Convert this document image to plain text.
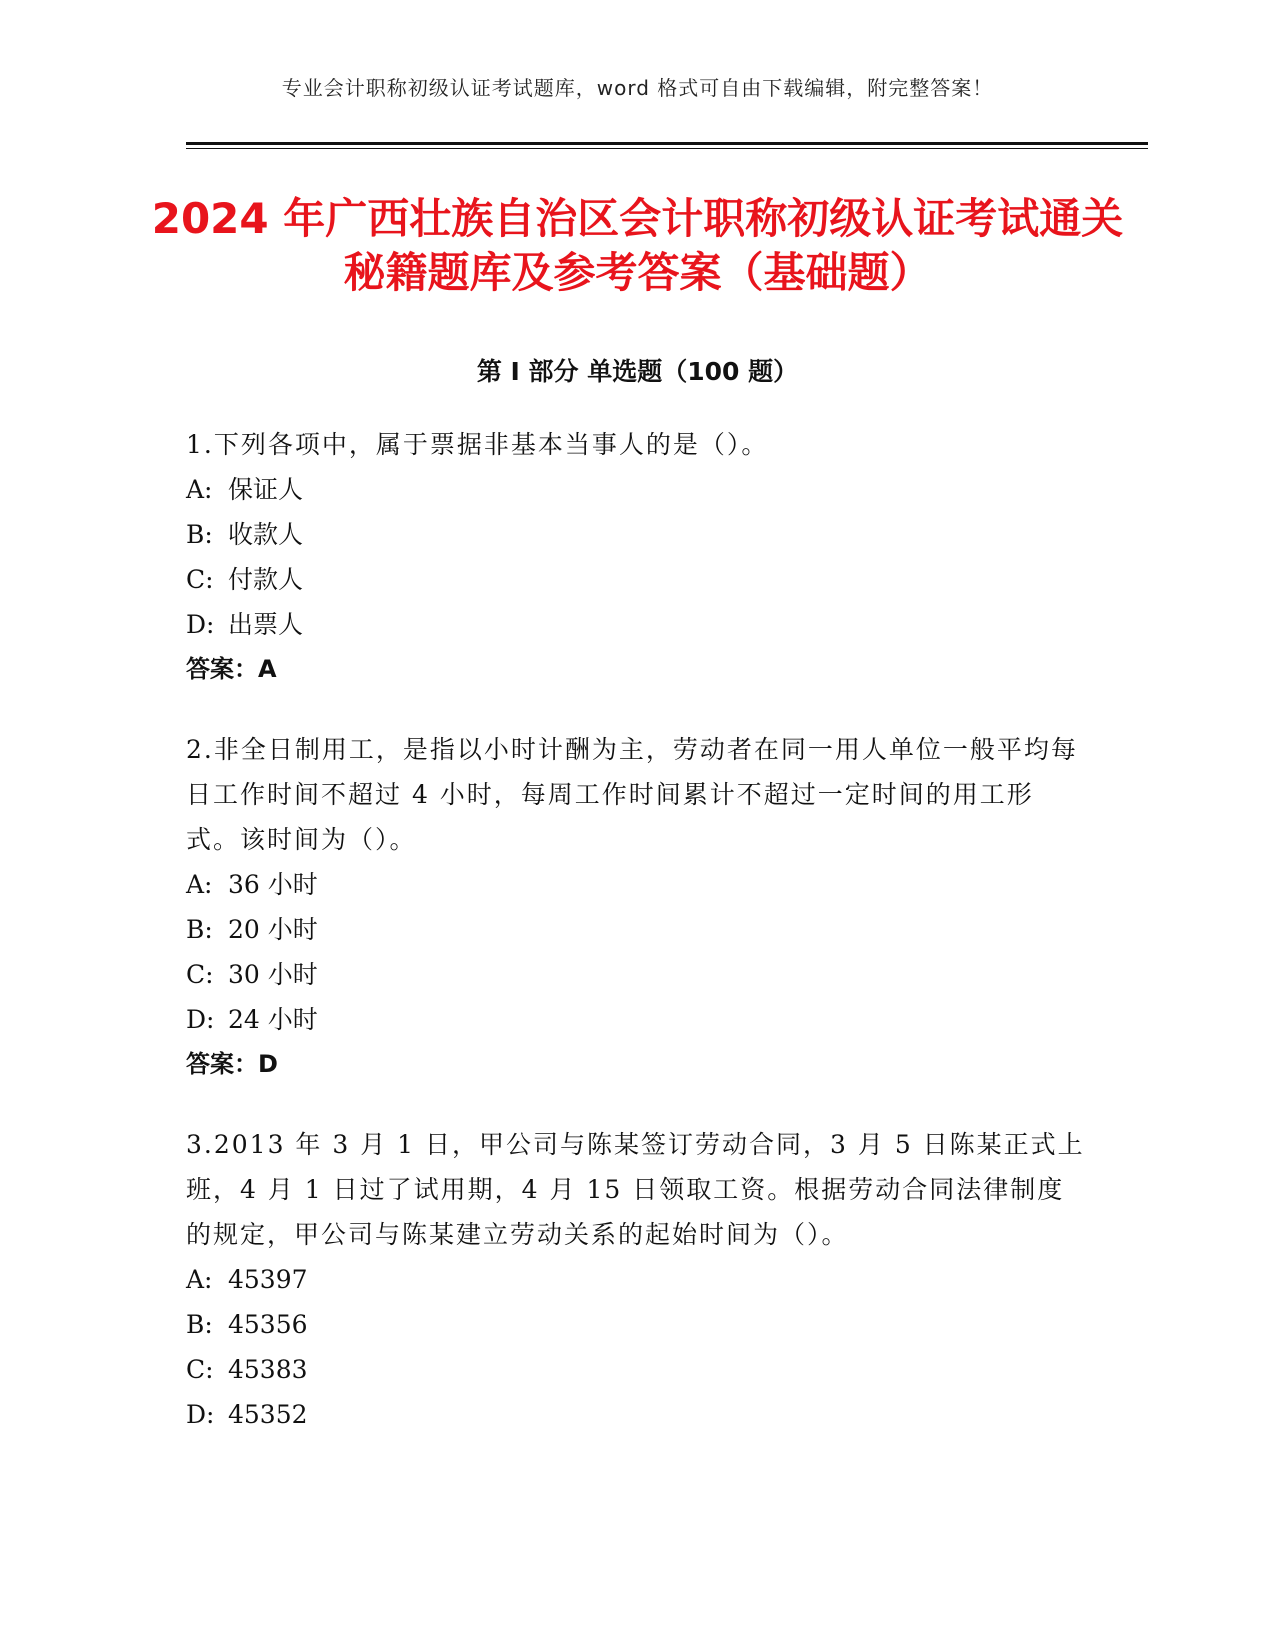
专业会计职称初级认证考试题库，word 格式可自由下载编辑，附完整答案！
2024 年广西壮族自治区会计职称初级认证考试通关秘籍题库及参考答案（基础题）
第 I 部分 单选题（100 题）

1.下列各项中，属于票据非基本当事人的是（）。

A: 保证人

B: 收款人

C: 付款人

D: 出票人

答案：A

2.非全日制用工，是指以小时计酬为主，劳动者在同一用人单位一般平均每日工作时间不超过 4 小时，每周工作时间累计不超过一定时间的用工形式。该时间为（）。

A: 36 小时

B: 20 小时

C: 30 小时

D: 24 小时

答案：D

3.2013 年 3 月 1 日，甲公司与陈某签订劳动合同，3 月 5 日陈某正式上班，4 月 1 日过了试用期，4 月 15 日领取工资。根据劳动合同法律制度的规定，甲公司与陈某建立劳动关系的起始时间为（）。

A: 45397

B: 45356

C: 45383

D: 45352
